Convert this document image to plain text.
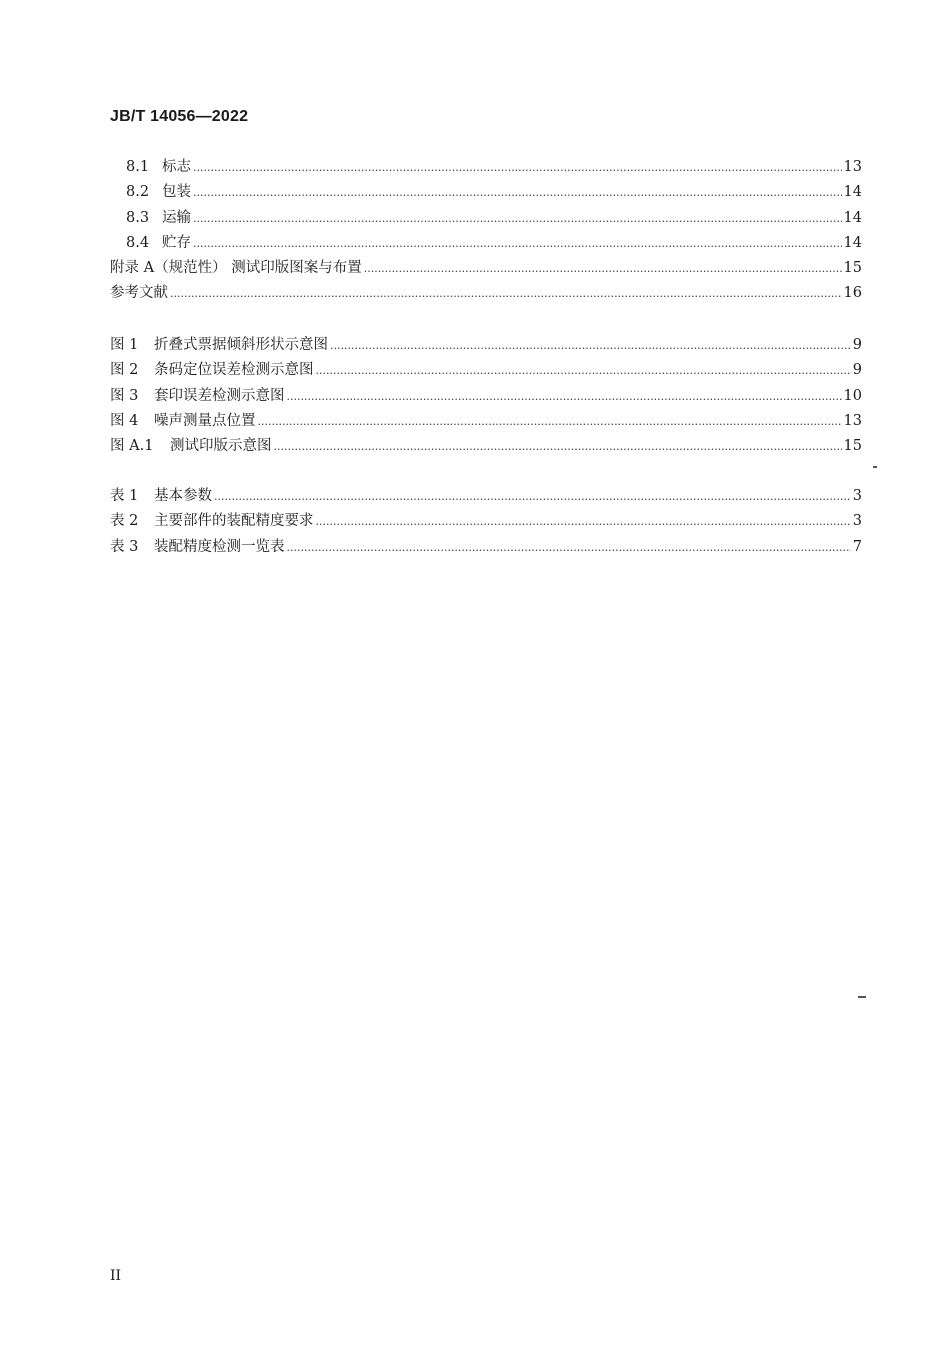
JB/T 14056—2022
8.1 标志 .....	13
8.2 包装 .....	14
8.3 运输 .....	14
8.4 贮存 .....	14
附录 A（规范性） 测试印版图案与布置 .....	15
参考文献 .....	16
图 1	折叠式票据倾斜形状示意图 .....	9
图 2	条码定位误差检测示意图 .....	9
图 3	套印误差检测示意图 .....	10
图 4	噪声测量点位置 .....	13
图 A.1	测试印版示意图 .....	15
表 1	基本参数 .....	3
表 2	主要部件的装配精度要求 .....	3
表 3	装配精度检测一览表 .....	7
II
